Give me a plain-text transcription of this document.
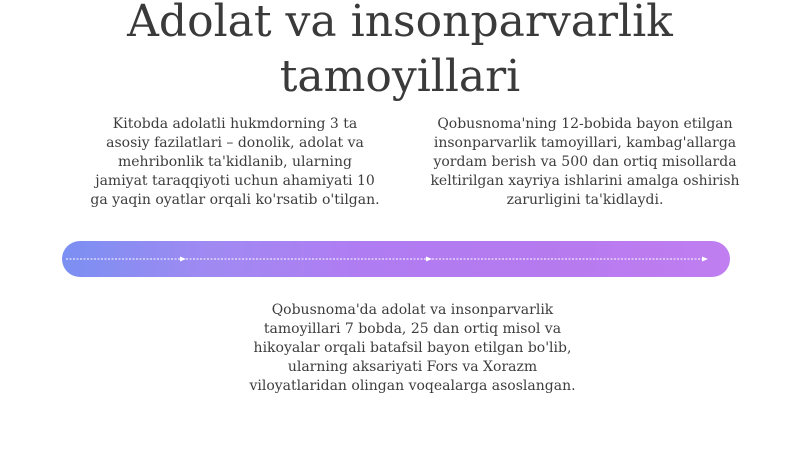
Adolat va insonparvarlik
tamoyillari
Kitobda adolatli hukmdorning 3 ta
asosiy fazilatlari – donolik, adolat va
mehribonlik ta'kidlanib, ularning
jamiyat taraqqiyoti uchun ahamiyati 10
ga yaqin oyatlar orqali ko'rsatib o'tilgan.
Qobusnoma'ning 12-bobida bayon etilgan
insonparvarlik tamoyillari, kambag'allarga
yordam berish va 500 dan ortiq misollarda
keltirilgan xayriya ishlarini amalga oshirish
zarurligini ta'kidlaydi.
Qobusnoma'da adolat va insonparvarlik
tamoyillari 7 bobda, 25 dan ortiq misol va
hikoyalar orqali batafsil bayon etilgan bo'lib,
ularning aksariyati Fors va Xorazm
viloyatlaridan olingan voqealarga asoslangan.
